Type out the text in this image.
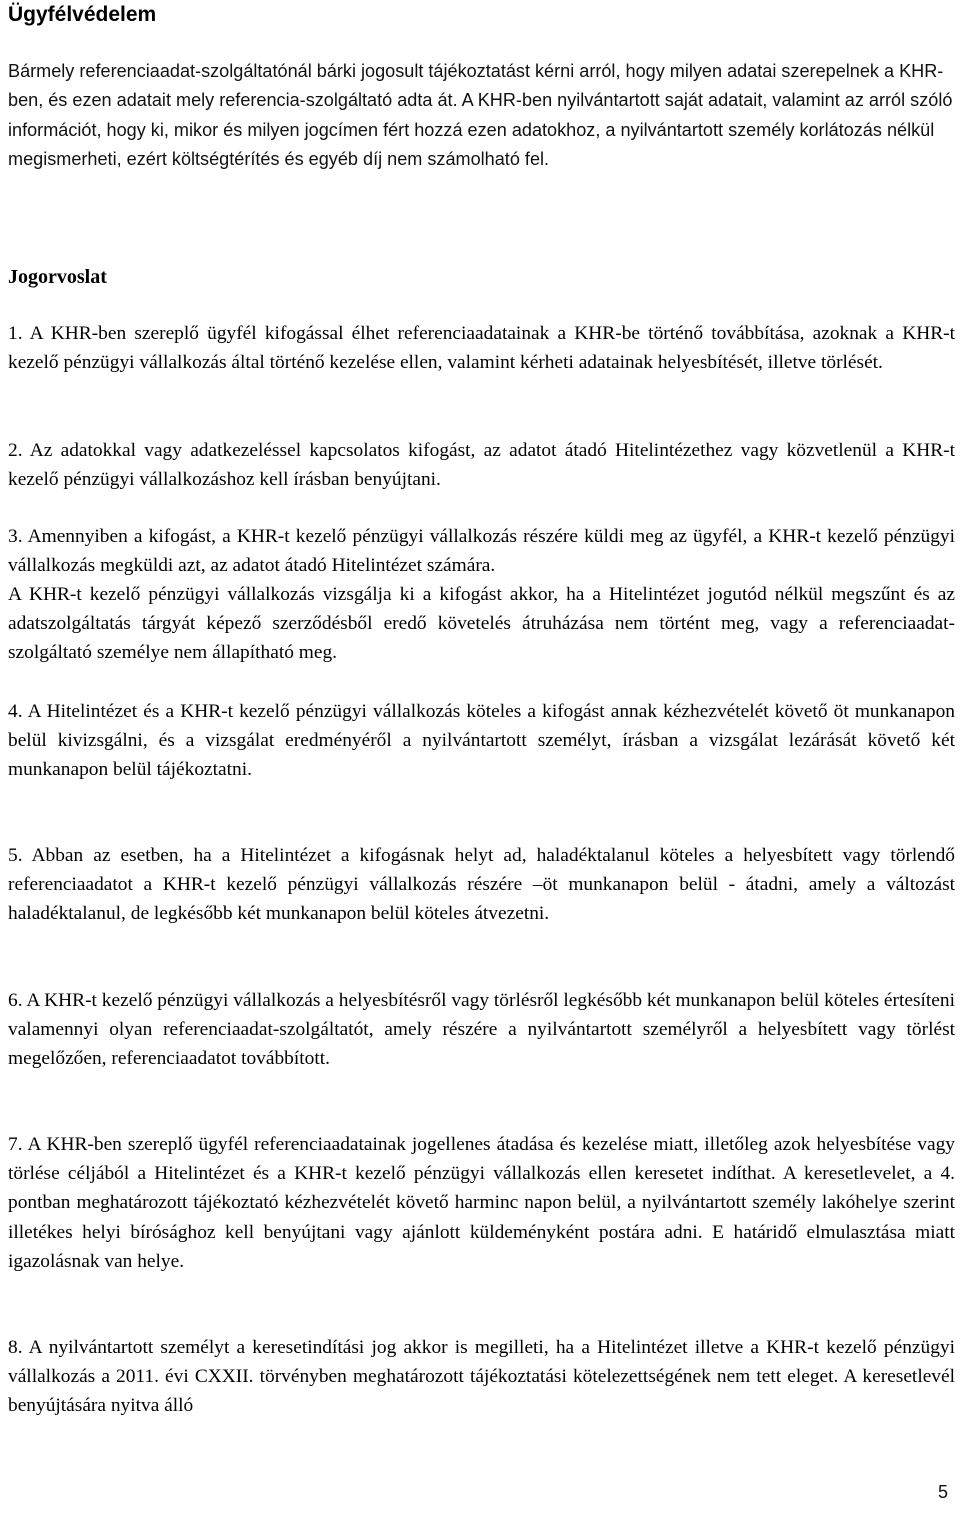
Ügyfélvédelem

Bármely referenciaadat-szolgáltatónál bárki jogosult tájékoztatást kérni arról, hogy milyen adatai szerepelnek a KHR-ben, és ezen adatait mely referencia-szolgáltató adta át. A KHR-ben nyilvántartott saját adatait, valamint az arról szóló információt, hogy ki, mikor és milyen jogcímen fért hozzá ezen adatokhoz, a nyilvántartott személy korlátozás nélkül megismerheti, ezért költségtérítés és egyéb díj nem számolható fel.

Jogorvoslat

1. A KHR-ben szereplő ügyfél kifogással élhet referenciaadatainak a KHR-be történő továbbítása, azoknak a KHR-t kezelő pénzügyi vállalkozás által történő kezelése ellen, valamint kérheti adatainak helyesbítését, illetve törlését.

2. Az adatokkal vagy adatkezeléssel kapcsolatos kifogást, az adatot átadó Hitelintézethez vagy közvetlenül a KHR-t kezelő pénzügyi vállalkozáshoz kell írásban benyújtani.

3. Amennyiben a kifogást, a KHR-t kezelő pénzügyi vállalkozás részére küldi meg az ügyfél, a KHR-t kezelő pénzügyi vállalkozás megküldi azt, az adatot átadó Hitelintézet számára.

A KHR-t kezelő pénzügyi vállalkozás vizsgálja ki a kifogást akkor, ha a Hitelintézet jogutód nélkül megszűnt és az adatszolgáltatás tárgyát képező szerződésből eredő követelés átruházása nem történt meg, vagy a referenciaadat-szolgáltató személye nem állapítható meg.

4. A Hitelintézet és a KHR-t kezelő pénzügyi vállalkozás köteles a kifogást annak kézhezvételét követő öt munkanapon belül kivizsgálni, és a vizsgálat eredményéről a nyilvántartott személyt, írásban a vizsgálat lezárását követő két munkanapon belül tájékoztatni.

5. Abban az esetben, ha a Hitelintézet a kifogásnak helyt ad, haladéktalanul köteles a helyesbített vagy törlendő referenciaadatot a KHR-t kezelő pénzügyi vállalkozás részére –öt munkanapon belül - átadni, amely a változást haladéktalanul, de legkésőbb két munkanapon belül köteles átvezetni.

6. A KHR-t kezelő pénzügyi vállalkozás a helyesbítésről vagy törlésről legkésőbb két munkanapon belül köteles értesíteni valamennyi olyan referenciaadat-szolgáltatót, amely részére a nyilvántartott személyről a helyesbített vagy törlést megelőzően, referenciaadatot továbbított.

7. A KHR-ben szereplő ügyfél referenciaadatainak jogellenes átadása és kezelése miatt, illetőleg azok helyesbítése vagy törlése céljából a Hitelintézet és a KHR-t kezelő pénzügyi vállalkozás ellen keresetet indíthat. A keresetlevelet, a 4. pontban meghatározott tájékoztató kézhezvételét követő harminc napon belül, a nyilvántartott személy lakóhelye szerint illetékes helyi bírósághoz kell benyújtani vagy ajánlott küldeményként postára adni. E határidő elmulasztása miatt igazolásnak van helye.

8. A nyilvántartott személyt a keresetindítási jog akkor is megilleti, ha a Hitelintézet illetve a KHR-t kezelő pénzügyi vállalkozás a 2011. évi CXXII. törvényben meghatározott tájékoztatási kötelezettségének nem tett eleget. A keresetlevél benyújtására nyitva álló

5
